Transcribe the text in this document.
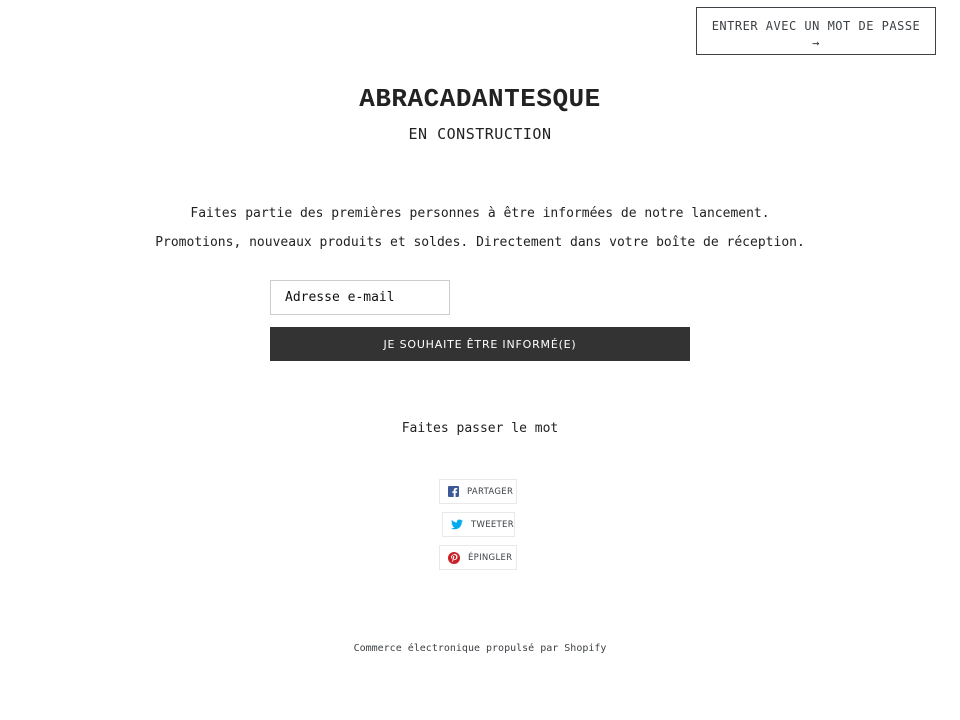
ENTRER AVEC UN MOT DE PASSE
→
ABRACADANTESQUE
EN CONSTRUCTION

Faites partie des premières personnes à être informées de notre lancement.

Promotions, nouveaux produits et soldes. Directement dans votre boîte de réception.

Adresse e-mail
JE SOUHAITE ÊTRE INFORMÉ(E)
Faites passer le mot
PARTAGER
TWEETER
ÉPINGLER
Commerce électronique propulsé par Shopify
